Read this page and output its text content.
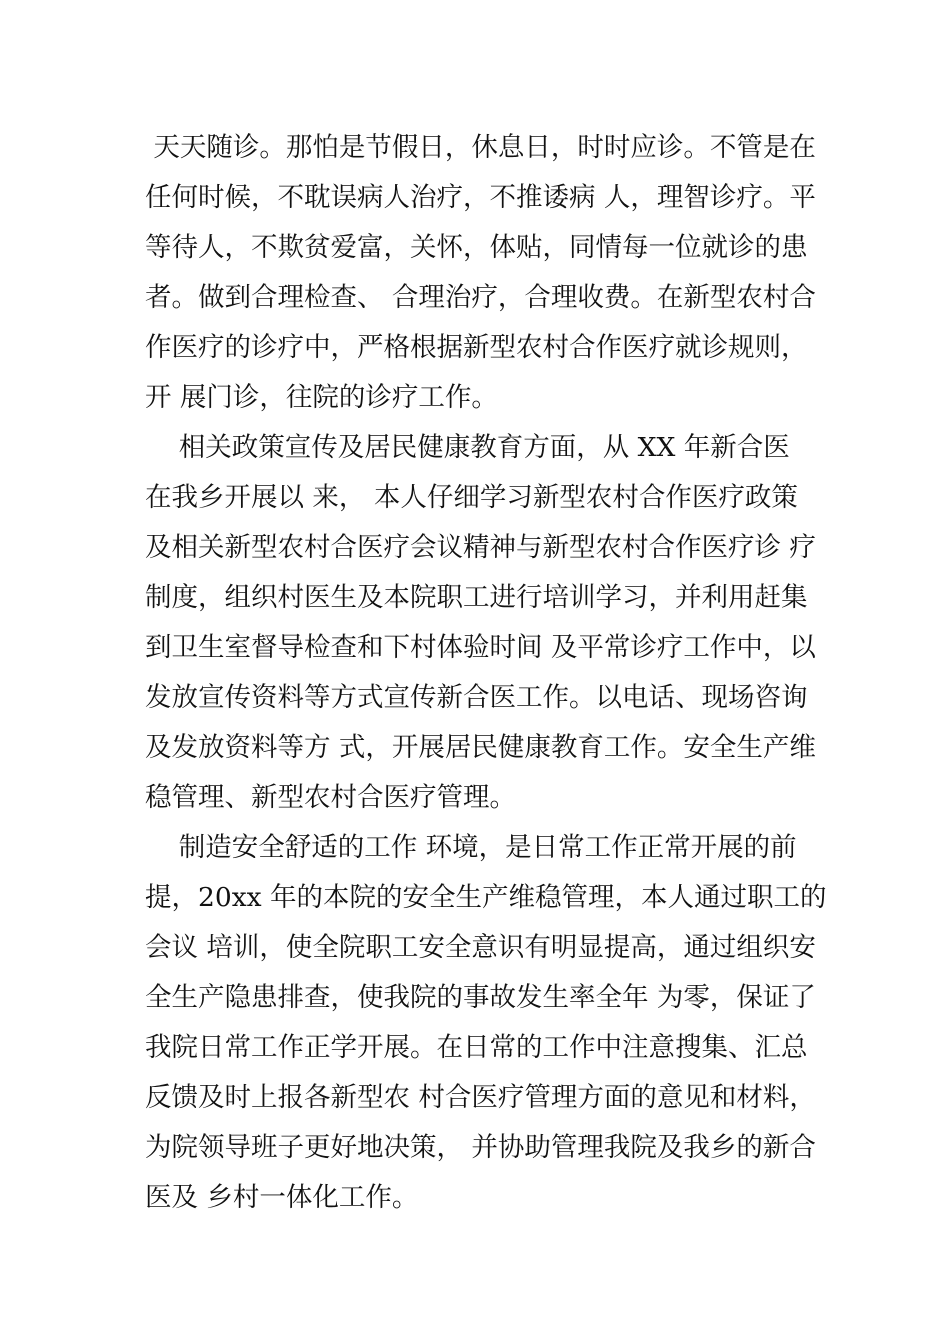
天天随诊。那怕是节假日，休息日，时时应诊。不管是在
任何时候，不耽误病人治疗，不推诿病 人，理智诊疗。平
等待人，不欺贫爱富，关怀，体贴，同情每一位就诊的患
者。做到合理检查、 合理治疗，合理收费。在新型农村合
作医疗的诊疗中，严格根据新型农村合作医疗就诊规则，
开 展门诊，往院的诊疗工作。
相关政策宣传及居民健康教育方面，从 XX 年新合医
在我乡开展以 来， 本人仔细学习新型农村合作医疗政策
及相关新型农村合医疗会议精神与新型农村合作医疗诊 疗
制度，组织村医生及本院职工进行培训学习，并利用赶集
到卫生室督导检查和下村体验时间 及平常诊疗工作中，以
发放宣传资料等方式宣传新合医工作。以电话、现场咨询
及发放资料等方 式，开展居民健康教育工作。安全生产维
稳管理、新型农村合医疗管理。
制造安全舒适的工作 环境，是日常工作正常开展的前
提，20xx 年的本院的安全生产维稳管理，本人通过职工的
会议 培训，使全院职工安全意识有明显提高，通过组织安
全生产隐患排查，使我院的事故发生率全年 为零，保证了
我院日常工作正学开展。在日常的工作中注意搜集、汇总
反馈及时上报各新型农 村合医疗管理方面的意见和材料，
为院领导班子更好地决策， 并协助管理我院及我乡的新合
医及 乡村一体化工作。
